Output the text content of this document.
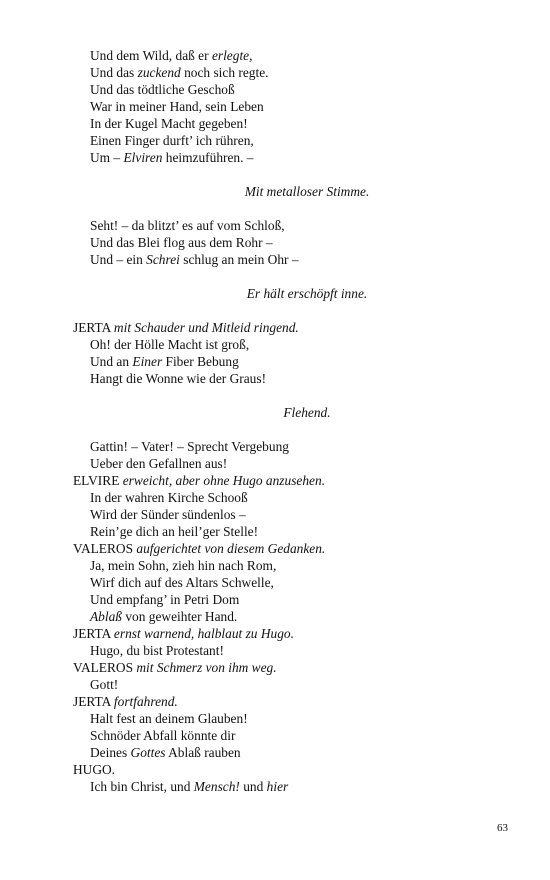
Und dem Wild, daß er erlegte,
Und das zuckend noch sich regte.
Und das tödtliche Geschoß
War in meiner Hand, sein Leben
In der Kugel Macht gegeben!
Einen Finger durft’ ich rühren,
Um – Elviren heimzuführen. –
Mit metalloser Stimme.
Seht! – da blitzt’ es auf vom Schloß,
Und das Blei flog aus dem Rohr –
Und – ein Schrei schlug an mein Ohr –
Er hält erschöpft inne.
JERTA mit Schauder und Mitleid ringend.
Oh! der Hölle Macht ist groß,
Und an Einer Fiber Bebung
Hangt die Wonne wie der Graus!
Flehend.
Gattin! – Vater! – Sprecht Vergebung
Ueber den Gefallnen aus!
ELVIRE erweicht, aber ohne Hugo anzusehen.
In der wahren Kirche Schooß
Wird der Sünder sündenlos –
Rein’ge dich an heil’ger Stelle!
VALEROS aufgerichtet von diesem Gedanken.
Ja, mein Sohn, zieh hin nach Rom,
Wirf dich auf des Altars Schwelle,
Und empfang’ in Petri Dom
Ablaß von geweihter Hand.
JERTA ernst warnend, halblaut zu Hugo.
Hugo, du bist Protestant!
VALEROS mit Schmerz von ihm weg.
Gott!
JERTA fortfahrend.
Halt fest an deinem Glauben!
Schnöder Abfall könnte dir
Deines Gottes Ablaß rauben
HUGO.
Ich bin Christ, und Mensch! und hier
63
